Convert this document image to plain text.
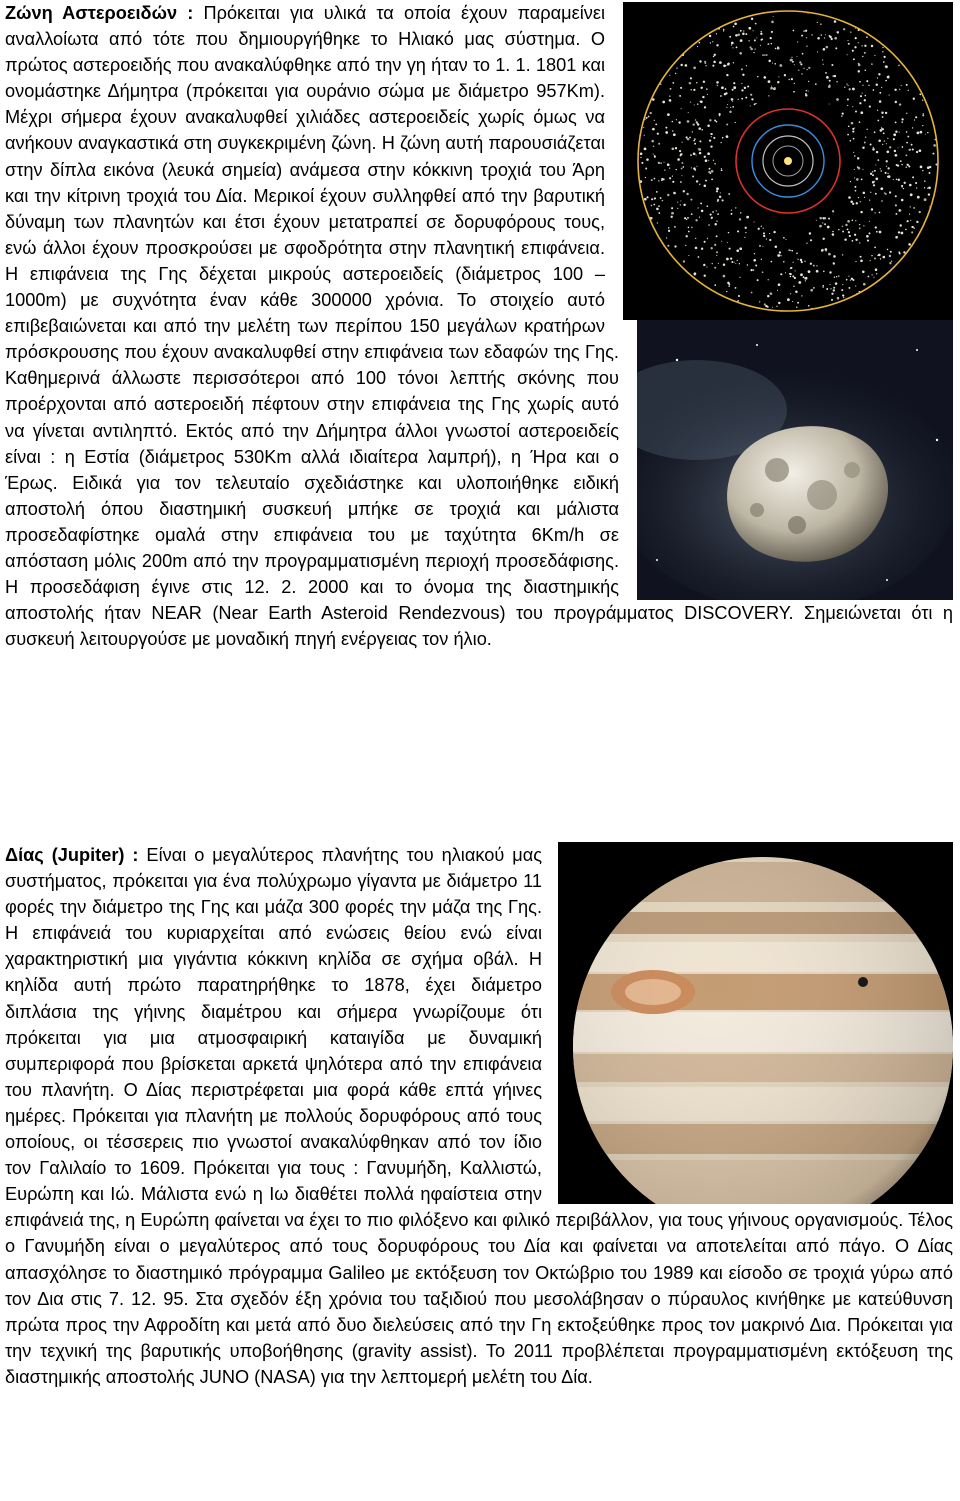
Ζώνη Αστεροειδών : Πρόκειται για υλικά τα οποία έχουν παραμείνει αναλλοίωτα από τότε που δημιουργήθηκε το Ηλιακό μας σύστημα. Ο πρώτος αστεροειδής που ανακαλύφθηκε από την γη ήταν το 1. 1. 1801 και ονομάστηκε Δήμητρα (πρόκειται για ουράνιο σώμα με διάμετρο 957Km). Μέχρι σήμερα έχουν ανακαλυφθεί χιλιάδες αστεροειδείς χωρίς όμως να ανήκουν αναγκαστικά στη συγκεκριμένη ζώνη. Η ζώνη αυτή παρουσιάζεται στην δίπλα εικόνα (λευκά σημεία) ανάμεσα στην κόκκινη τροχιά του Άρη και την κίτρινη τροχιά του Δία. Μερικοί έχουν συλληφθεί από την βαρυτική δύναμη των πλανητών και έτσι έχουν μετατραπεί σε δορυφόρους τους, ενώ άλλοι έχουν προσκρούσει με σφοδρότητα στην πλανητική επιφάνεια. Η επιφάνεια της Γης δέχεται μικρούς αστεροειδείς (διάμετρος 100 – 1000m) με συχνότητα έναν κάθε 300000 χρόνια. Το στοιχείο αυτό επιβεβαιώνεται και από την μελέτη των περίπου 150 μεγάλων κρατήρων πρόσκρουσης που έχουν ανακαλυφθεί στην επιφάνεια των εδαφών της Γης. Καθημερινά άλλωστε περισσότεροι από 100 τόνοι λεπτής σκόνης που προέρχονται από αστεροειδή πέφτουν στην επιφάνεια της Γης χωρίς αυτό να γίνεται αντιληπτό. Εκτός από την Δήμητρα άλλοι γνωστοί αστεροειδείς είναι : η Εστία (διάμετρος 530Km αλλά ιδιαίτερα λαμπρή), η Ήρα και ο Έρως. Ειδικά για τον τελευταίο σχεδιάστηκε και υλοποιήθηκε ειδική αποστολή όπου διαστημική συσκευή μπήκε σε τροχιά και μάλιστα προσεδαφίστηκε ομαλά στην επιφάνεια του με ταχύτητα 6Km/h σε απόσταση μόλις 200m από την προγραμματισμένη περιοχή προσεδάφισης. Η προσεδάφιση έγινε στις 12. 2. 2000 και το όνομα της διαστημικής αποστολής ήταν NEAR (Near Earth Asteroid Rendezvous) του προγράμματος DISCOVERY. Σημειώνεται ότι η συσκευή λειτουργούσε με μοναδική πηγή ενέργειας τον ήλιο.

Δίας (Jupiter) : Είναι ο μεγαλύτερος πλανήτης του ηλιακού μας συστήματος, πρόκειται για ένα πολύχρωμο γίγαντα με διάμετρο 11 φορές την διάμετρο της Γης και μάζα 300 φορές την μάζα της Γης. Η επιφάνειά του κυριαρχείται από ενώσεις θείου ενώ είναι χαρακτηριστική μια γιγάντια κόκκινη κηλίδα σε σχήμα οβάλ. Η κηλίδα αυτή πρώτο παρατηρήθηκε το 1878, έχει διάμετρο διπλάσια της γήινης διαμέτρου και σήμερα γνωρίζουμε ότι πρόκειται για μια ατμοσφαιρική καταιγίδα με δυναμική συμπεριφορά που βρίσκεται αρκετά ψηλότερα από την επιφάνεια του πλανήτη. Ο Δίας περιστρέφεται μια φορά κάθε επτά γήινες ημέρες. Πρόκειται για πλανήτη με πολλούς δορυφόρους από τους οποίους, οι τέσσερεις πιο γνωστοί ανακαλύφθηκαν από τον ίδιο τον Γαλιλαίο το 1609. Πρόκειται για τους : Γανυμήδη, Καλλιστώ, Ευρώπη και Ιώ. Μάλιστα ενώ η Ιω διαθέτει πολλά ηφαίστεια στην επιφάνειά της, η Ευρώπη φαίνεται να έχει το πιο φιλόξενο και φιλικό περιβάλλον, για τους γήινους οργανισμούς. Τέλος ο Γανυμήδη είναι ο μεγαλύτερος από τους δορυφόρους του Δία και φαίνεται να αποτελείται από πάγο. Ο Δίας απασχόλησε το διαστημικό πρόγραμμα Galileo με εκτόξευση τον Οκτώβριο του 1989 και είσοδο σε τροχιά γύρω από τον Δια στις 7. 12. 95. Στα σχεδόν έξη χρόνια του ταξιδιού που μεσολάβησαν ο πύραυλος κινήθηκε με κατεύθυνση πρώτα προς την Αφροδίτη και μετά από δυο διελεύσεις από την Γη εκτοξεύθηκε προς τον μακρινό Δια. Πρόκειται για την τεχνική της βαρυτικής υποβοήθησης (gravity assist). Το 2011 προβλέπεται προγραμματισμένη εκτόξευση της διαστημικής αποστολής JUNO (NASA) για την λεπτομερή μελέτη του Δία.
